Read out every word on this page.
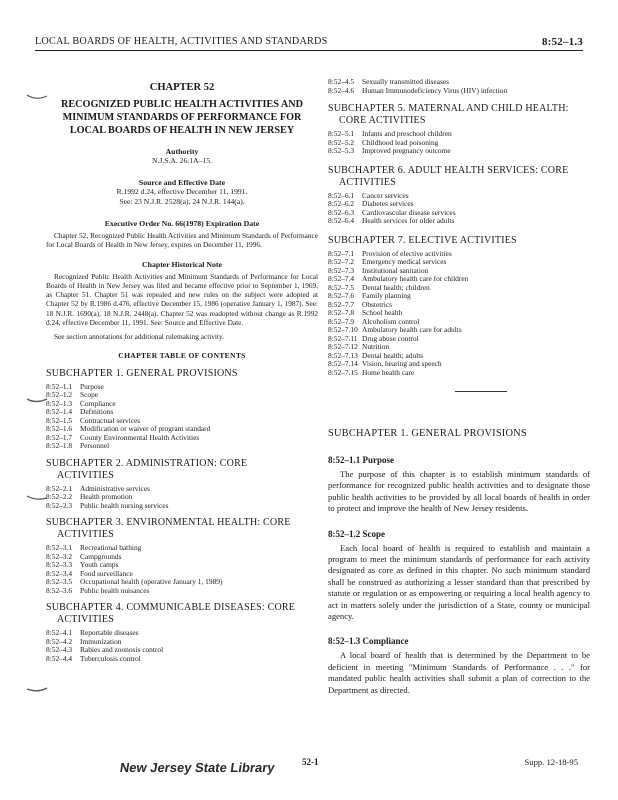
LOCAL BOARDS OF HEALTH, ACTIVITIES AND STANDARDS	8:52–1.3
CHAPTER 52
RECOGNIZED PUBLIC HEALTH ACTIVITIES AND MINIMUM STANDARDS OF PERFORMANCE FOR LOCAL BOARDS OF HEALTH IN NEW JERSEY
Authority
N.J.S.A. 26:1A–15.
Source and Effective Date
R.1992 d.24, effective December 11, 1991.
See: 23 N.J.R. 2528(a), 24 N.J.R. 144(a).
Executive Order No. 66(1978) Expiration Date
Chapter 52, Recognized Public Health Activities and Minimum Standards of Performance for Local Boards of Health in New Jersey, expires on December 11, 1996.
Chapter Historical Note
Recognized Public Health Activities and Minimum Standards of Performance for Local Boards of Health in New Jersey was filed and became effective prior to September 1, 1969, as Chapter 51. Chapter 51 was repealed and new rules on the subject were adopted at Chapter 52 by R.1986 d.476, effective December 15, 1986 (operative January 1, 1987). See: 18 N.J.R. 1690(a), 18 N.J.R. 2448(a). Chapter 52 was readopted without change as R.1992 d.24, effective December 11, 1991. See: Source and Effective Date.
See section annotations for additional rulemaking activity.
CHAPTER TABLE OF CONTENTS
SUBCHAPTER 1. GENERAL PROVISIONS
8:52–1.1	Purpose
8:52–1.2	Scope
8:52–1.3	Compliance
8:52–1.4	Definitions
8:52–1.5	Contractual services
8:52–1.6	Modification or waiver of program standard
8:52–1.7	County Environmental Health Activities
8:52–1.8	Personnel
SUBCHAPTER 2. ADMINISTRATION: CORE
ACTIVITIES
8:52–2.1	Administrative services
8:52–2.2	Health promotion
8:52–2.3	Public health nursing services
SUBCHAPTER 3. ENVIRONMENTAL HEALTH: CORE
ACTIVITIES
8:52–3.1	Recreational bathing
8:52–3.2	Campgrounds
8:52–3.3	Youth camps
8:52–3.4	Food surveillance
8:52–3.5	Occupational health (operative January 1, 1989)
8:52–3.6	Public health nuisances
SUBCHAPTER 4. COMMUNICABLE DISEASES: CORE
ACTIVITIES
8:52–4.1	Reportable diseases
8:52–4.2	Immunization
8:52–4.3	Rabies and zoonosis control
8:52–4.4	Tuberculosis control
8:52–4.5	Sexually transmitted diseases
8:52–4.6	Human Immunodeficiency Virus (HIV) infection
SUBCHAPTER 5. MATERNAL AND CHILD HEALTH:
CORE ACTIVITIES
8:52–5.1	Infants and preschool children
8:52–5.2	Childhood lead poisoning
8:52–5.3	Improved pregnancy outcome
SUBCHAPTER 6. ADULT HEALTH SERVICES: CORE
ACTIVITIES
8:52–6.1	Cancer services
8:52–6.2	Diabetes services
8:52–6.3	Cardiovascular disease services
8:52–6.4	Health services for older adults
SUBCHAPTER 7. ELECTIVE ACTIVITIES
8:52–7.1	Provision of elective activities
8:52–7.2	Emergency medical services
8:52–7.3	Institutional sanitation
8:52–7.4	Ambulatory health care for children
8:52–7.5	Dental health; children
8:52–7.6	Family planning
8:52–7.7	Obstetrics
8:52–7.8	School health
8:52–7.9	Alcoholism control
8:52–7.10 Ambulatory health care for adults
8:52–7.11 Drug abuse control
8:52–7.12 Nutrition
8:52–7.13 Dental health; adults
8:52–7.14 Vision, hearing and speech
8:52–7.15 Home health care
SUBCHAPTER 1. GENERAL PROVISIONS
8:52–1.1 Purpose
The purpose of this chapter is to establish minimum standards of performance for recognized public health activities and to designate those public health activities to be provided by all local boards of health in order to protect and improve the health of New Jersey residents.
8:52–1.2 Scope
Each local board of health is required to establish and maintain a program to meet the minimum standards of performance for each activity designated as core as defined in this chapter. No such minimum standard shall be construed as authorizing a lesser standard than that prescribed by statute or regulation or as empowering or requiring a local health agency to act in matters solely under the jurisdiction of a State, county or municipal agency.
8:52–1.3 Compliance
A local board of health that is determined by the Department to be deficient in meeting "Minimum Standards of Performance . . ." for mandated public health activities shall submit a plan of correction to the Department as directed.
New Jersey State Library	52-1	Supp. 12-18-95
